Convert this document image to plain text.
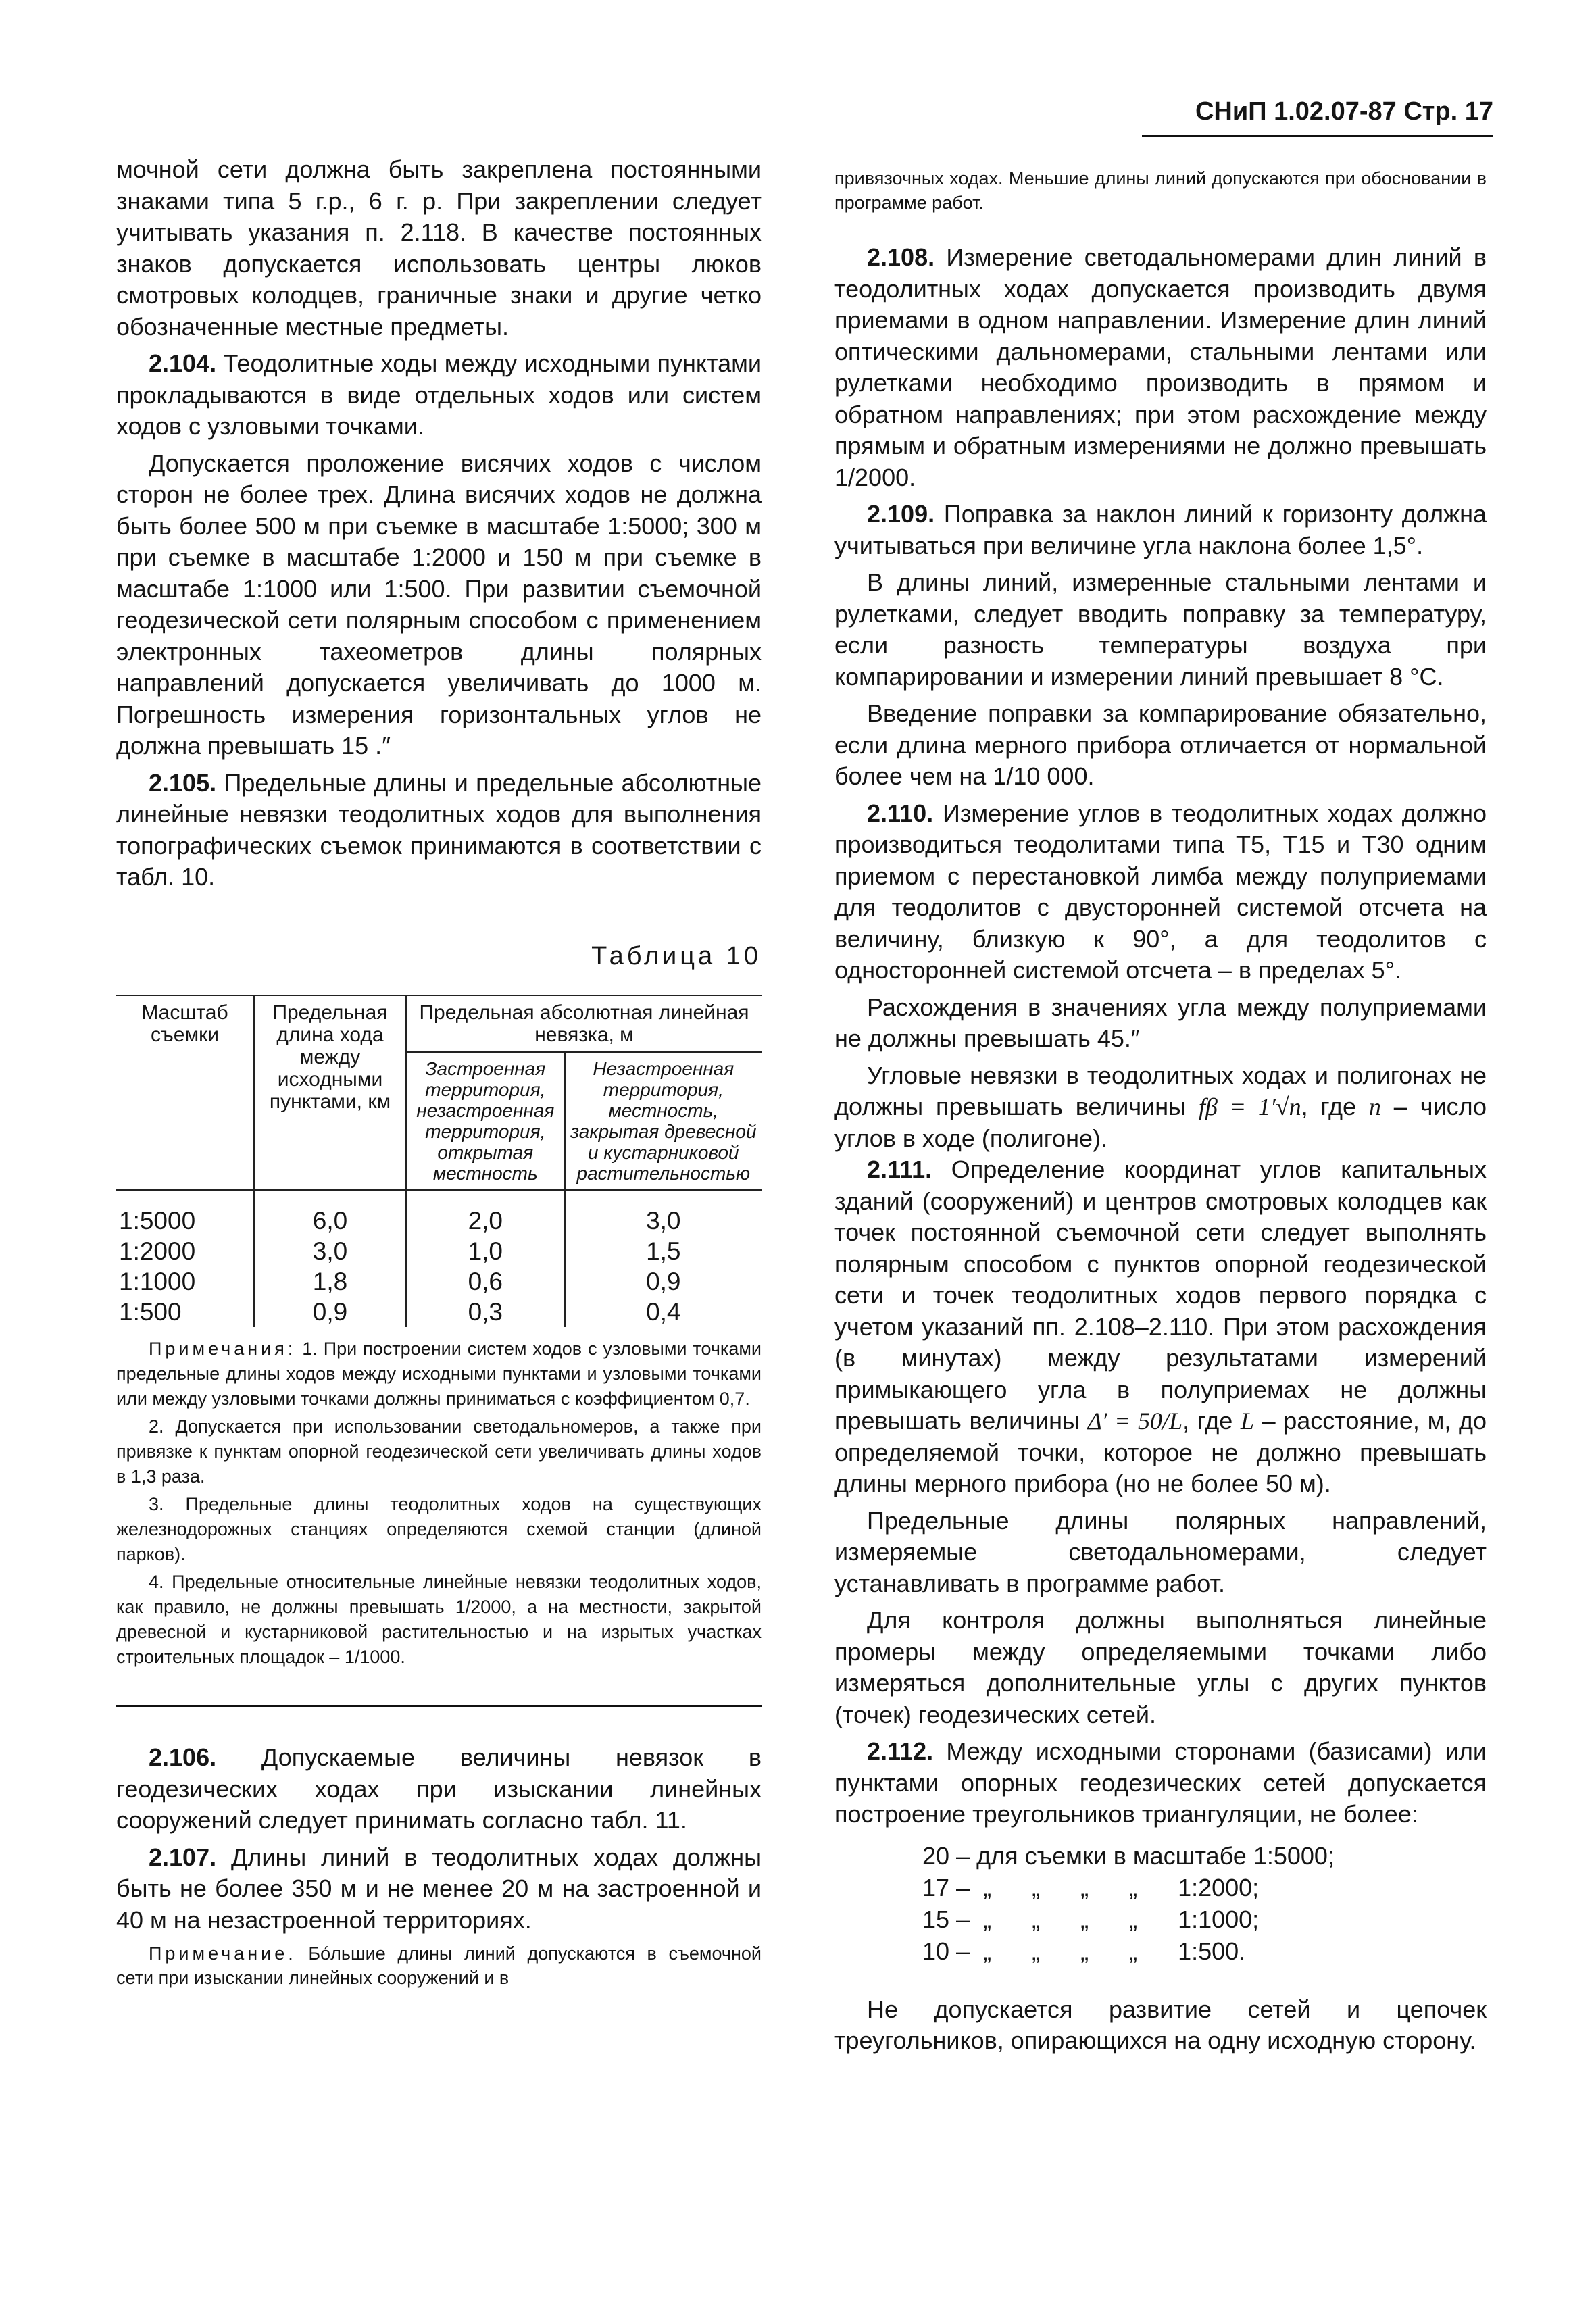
СНиП 1.02.07-87 Стр. 17

мочной сети должна быть закреплена постоянными знаками типа 5 г.р., 6 г. р. При закреплении следует учитывать указания п. 2.118. В качестве постоянных знаков допускается использовать центры люков смотровых колодцев, граничные знаки и другие четко обозначенные местные предметы.

2.104. Теодолитные ходы между исходными пунктами прокладываются в виде отдельных ходов или систем ходов с узловыми точками.

Допускается проложение висячих ходов с числом сторон не более трех. Длина висячих ходов не должна быть более 500 м при съемке в масштабе 1:5000; 300 м при съемке в масштабе 1:2000 и 150 м при съемке в масштабе 1:1000 или 1:500. При развитии съемочной геодезической сети полярным способом с применением электронных тахеометров длины полярных направлений допускается увеличивать до 1000 м. Погрешность измерения горизонтальных углов не должна превышать 15 .″

2.105. Предельные длины и предельные абсолютные линейные невязки теодолитных ходов для выполнения топографических съемок принимаются в соответствии с табл. 10.

Таблица 10
Масштаб съемки	Предельная длина хода между исходными пунктами, км	Предельная абсолютная линейная невязка, м	
		Застроенная территория, незастроенная территория, открытая местность	Незастроенная территория, местность, закрытая древесной и кустарниковой растительностью
1:5000	6,0	2,0	3,0
1:2000	3,0	1,0	1,5
1:1000	1,8	0,6	0,9
1:500	0,9	0,3	0,4

Примечания: 1. При построении систем ходов с узловыми точками предельные длины ходов между исходными пунктами и узловыми точками или между узловыми точками должны приниматься с коэффициентом 0,7.

2. Допускается при использовании светодальномеров, а также при привязке к пунктам опорной геодезической сети увеличивать длины ходов в 1,3 раза.

3. Предельные длины теодолитных ходов на существующих железнодорожных станциях определяются схемой станции (длиной парков).

4. Предельные относительные линейные невязки теодолитных ходов, как правило, не должны превышать 1/2000, а на местности, закрытой древесной и кустарниковой растительностью и на изрытых участках строительных площадок – 1/1000.

2.106. Допускаемые величины невязок в геодезических ходах при изыскании линейных сооружений следует принимать согласно табл. 11.

2.107. Длины линий в теодолитных ходах должны быть не более 350 м и не менее 20 м на застроенной и 40 м на незастроенной территориях.

Примечание. Бо́льшие длины линий допускаются в съемочной сети при изыскании линейных сооружений и в

привязочных ходах. Меньшие длины линий допускаются при обосновании в программе работ.

2.108. Измерение светодальномерами длин линий в теодолитных ходах допускается производить двумя приемами в одном направлении. Измерение длин линий оптическими дальномерами, стальными лентами или рулетками необходимо производить в прямом и обратном направлениях; при этом расхождение между прямым и обратным измерениями не должно превышать 1/2000.

2.109. Поправка за наклон линий к горизонту должна учитываться при величине угла наклона более 1,5°.

В длины линий, измеренные стальными лентами и рулетками, следует вводить поправку за температуру, если разность температуры воздуха при компарировании и измерении линий превышает 8 °С.

Введение поправки за компарирование обязательно, если длина мерного прибора отличается от нормальной более чем на 1/10 000.

2.110. Измерение углов в теодолитных ходах должно производиться теодолитами типа Т5, Т15 и Т30 одним приемом с перестановкой лимба между полуприемами для теодолитов с двусторонней системой отсчета на величину, близкую к 90°, а для теодолитов с односторонней системой отсчета – в пределах 5°.

Расхождения в значениях угла между полуприемами не должны превышать 45.″

Угловые невязки в теодолитных ходах и полигонах не должны превышать величины fβ = 1′√n, где n – число углов в ходе (полигоне).

2.111. Определение координат углов капитальных зданий (сооружений) и центров смотровых колодцев как точек постоянной съемочной сети следует выполнять полярным способом с пунктов опорной геодезической сети и точек теодолитных ходов первого порядка с учетом указаний пп. 2.108–2.110. При этом расхождения (в минутах) между результатами измерений примыкающего угла в полуприемах не должны превышать величины Δ′ = 50/L, где L – расстояние, м, до определяемой точки, которое не должно превышать длины мерного прибора (но не более 50 м).

Предельные длины полярных направлений, измеряемые светодальномерами, следует устанавливать в программе работ.

Для контроля должны выполняться линейные промеры между определяемыми точками либо измеряться дополнительные углы с других пунктов (точек) геодезических сетей.

2.112. Между исходными сторонами (базисами) или пунктами опорных геодезических сетей допускается построение треугольников триангуляции, не более:

20 – для съемки в масштабе 1:5000;
17 –  „      „      „      „      1:2000;
15 –  „      „      „      „      1:1000;
10 –  „      „      „      „      1:500.

Не допускается развитие сетей и цепочек треугольников, опирающихся на одну исходную сторону.
